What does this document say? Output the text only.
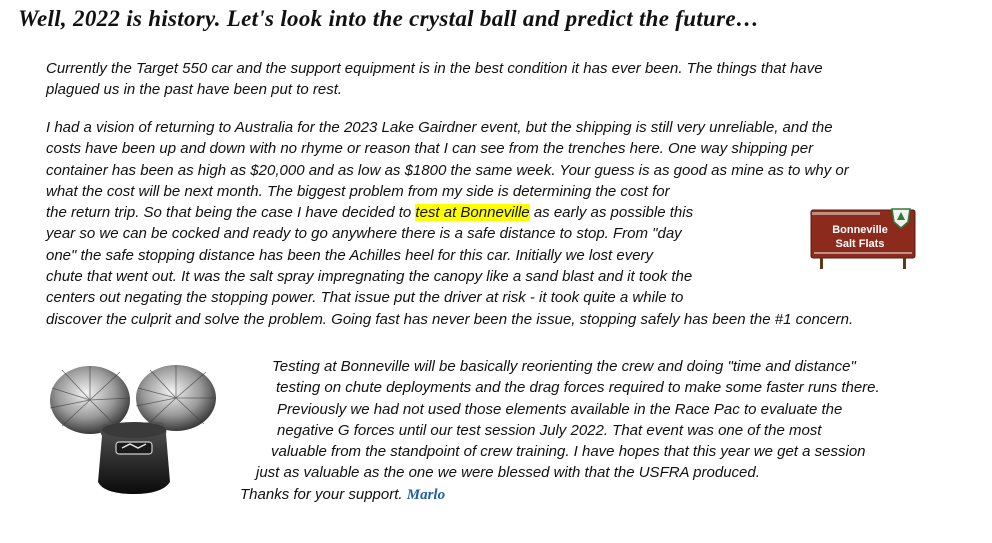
Well, 2022 is history. Let's look into the crystal ball and predict the future…
Currently the Target 550 car and the support equipment is in the best condition it has ever been. The things that have
plagued us in the past have been put to rest.
I had a vision of returning to Australia for the 2023 Lake Gairdner event, but the shipping is still very unreliable, and the
costs have been up and down with no rhyme or reason that I can see from the trenches here. One way shipping per
container has been as high as $20,000 and as low as $1800 the same week. Your guess is as good as mine as to why or
what the cost will be next month. The biggest problem from my side is determining the cost for
the return trip. So that being the case I have decided to test at Bonneville as early as possible this
year so we can be cocked and ready to go anywhere there is a safe distance to stop. From "day
one" the safe stopping distance has been the Achilles heel for this car. Initially we lost every
chute that went out. It was the salt spray impregnating the canopy like a sand blast and it took the
centers out negating the stopping power. That issue put the driver at risk - it took quite a while to
discover the culprit and solve the problem. Going fast has never been the issue, stopping safely has been the #1 concern.
Bonneville
Salt Flats
Testing at Bonneville will be basically reorienting the crew and doing "time and distance"
testing on chute deployments and the drag forces required to make some faster runs there.
Previously we had not used those elements available in the Race Pac to evaluate the
negative G forces until our test session July 2022. That event was one of the most
valuable from the standpoint of crew training. I have hopes that this year we get a session
just as valuable as the one we were blessed with that the USFRA produced.
Thanks for your support. Marlo
